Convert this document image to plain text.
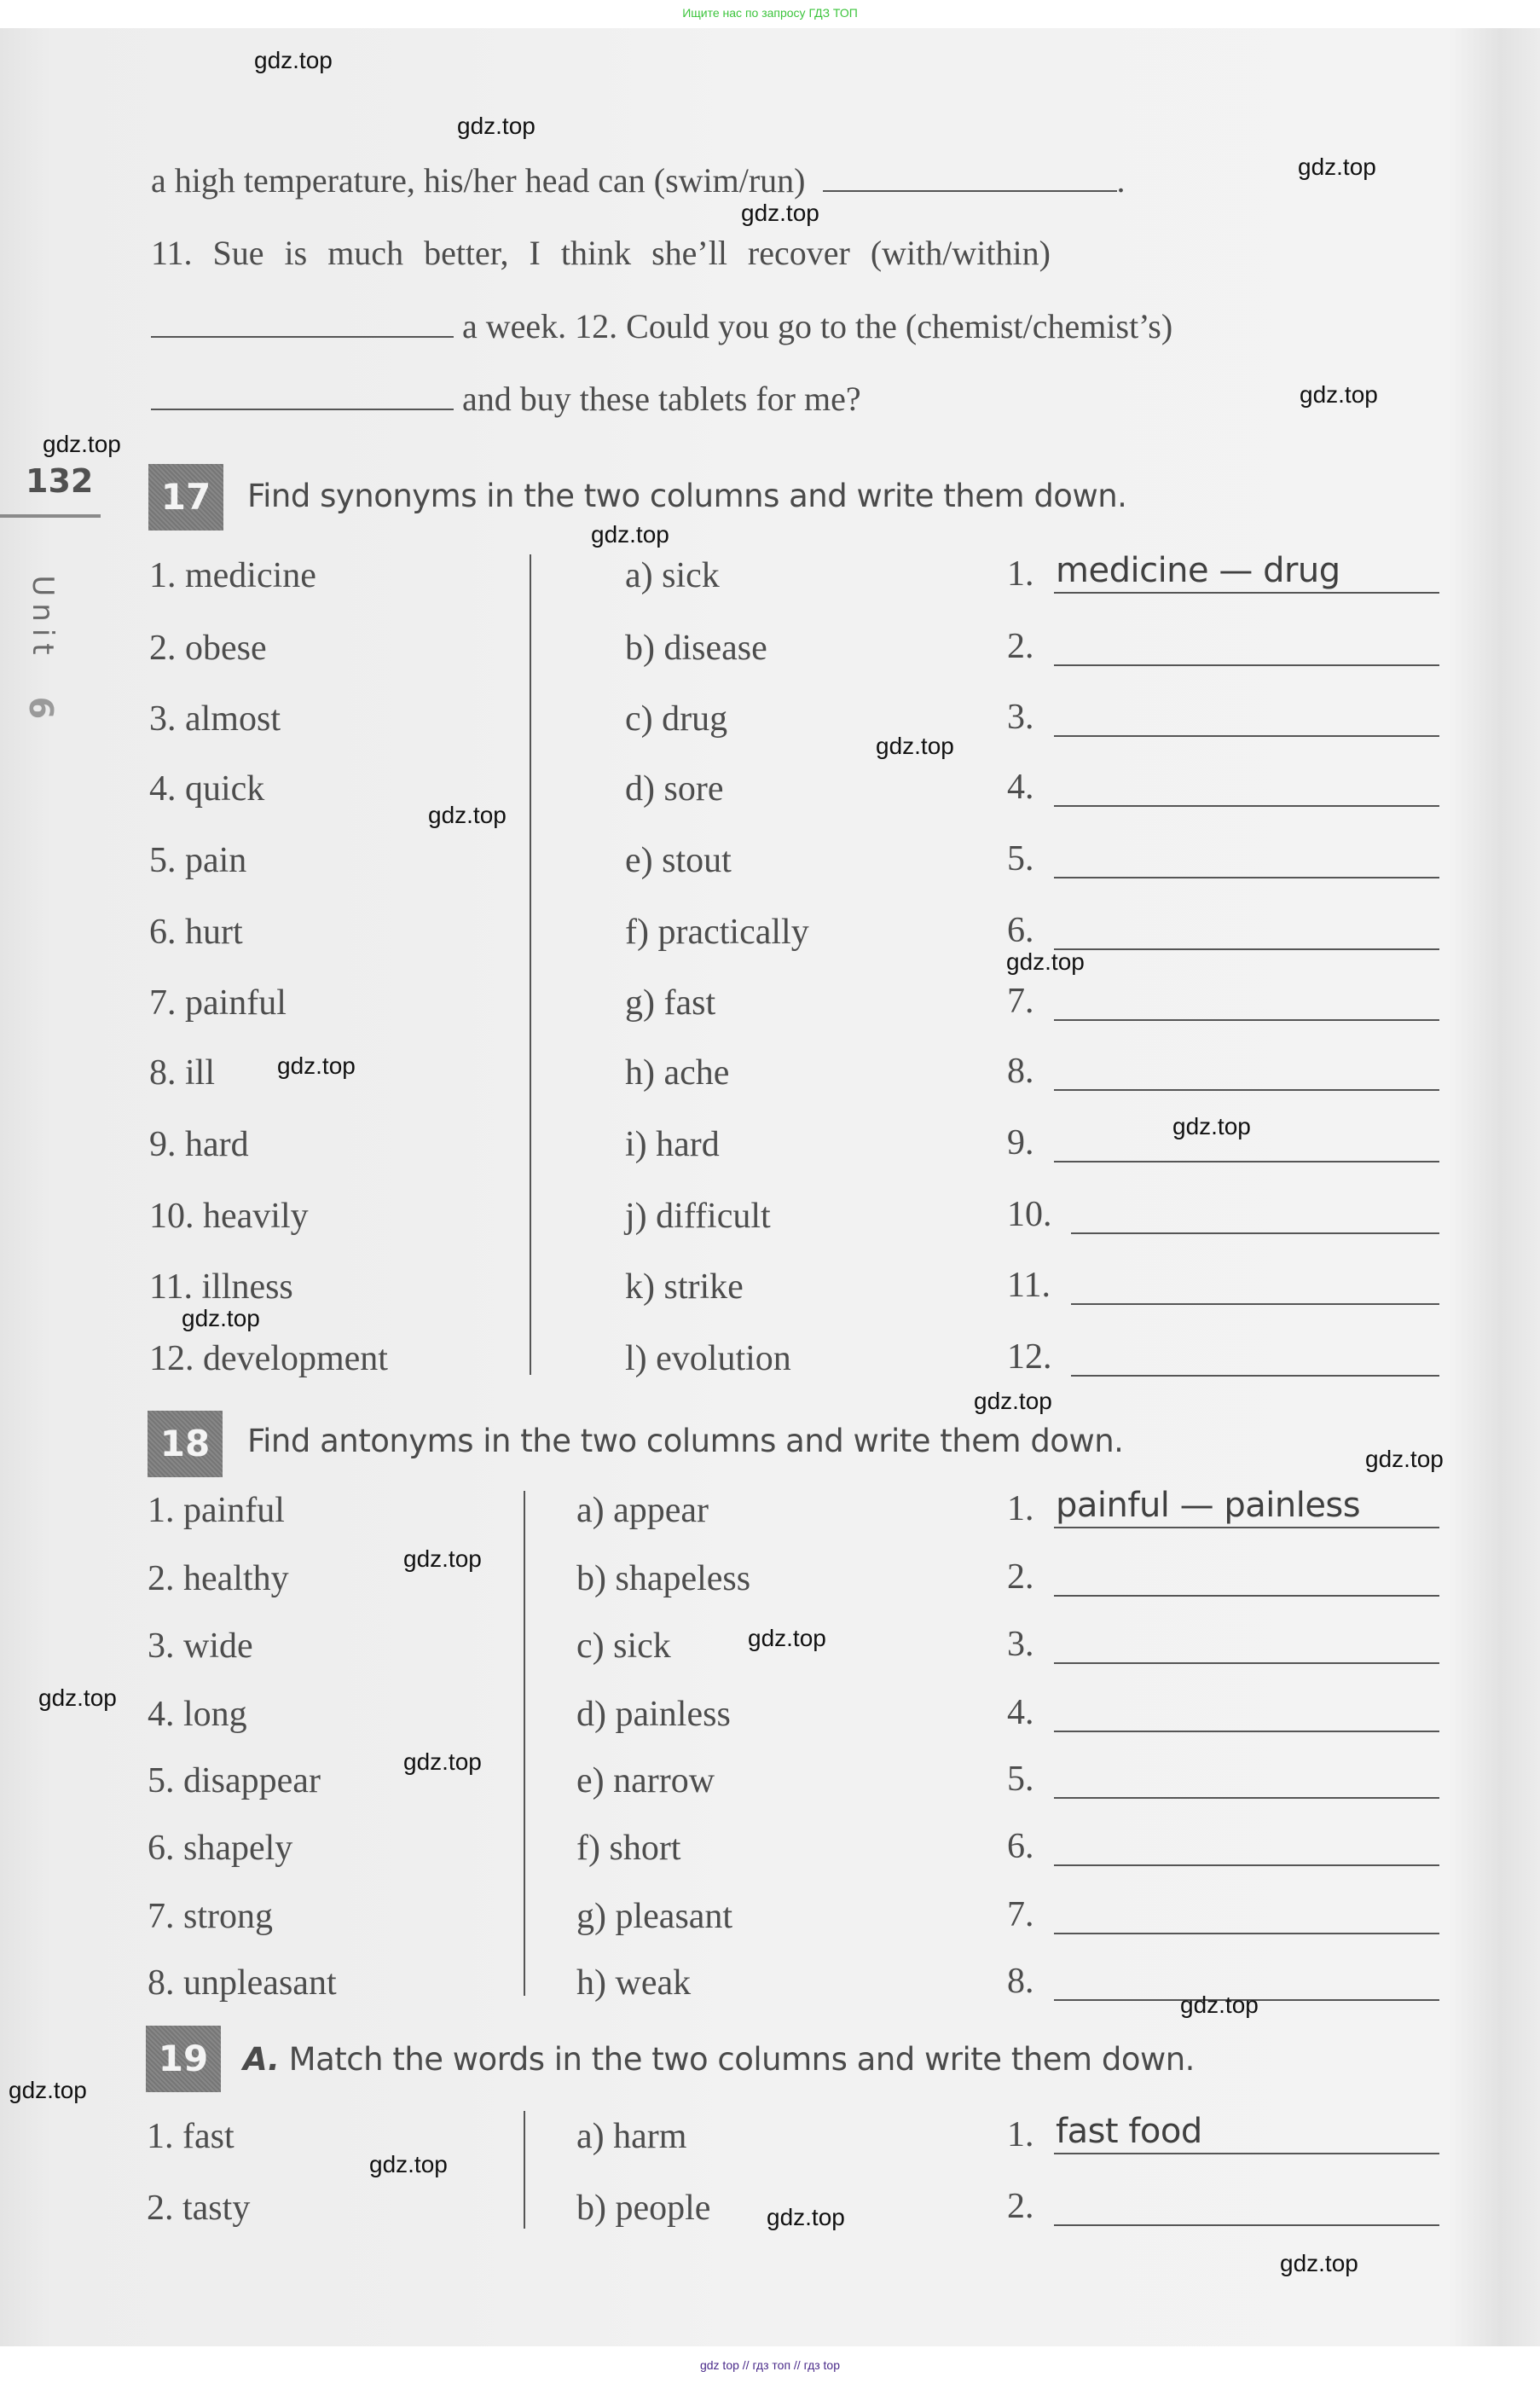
Ищите нас по запросу ГДЗ ТОП
a high temperature, his/her head can (swim/run)	.
11. Sue is much better, I think she’ll recover (with/within)
a week. 12. Could you go to the (chemist/chemist’s)
and buy these tablets for me?
132
Unit
6
17	Find synonyms in the two columns and write them down.
1. medicine	a) sick	1. medicine — drug
2. obese	b) disease	2.
3. almost	c) drug	3.
4. quick	d) sore	4.
5. pain	e) stout	5.
6. hurt	f) practically	6.
7. painful	g) fast	7.
8. ill	h) ache	8.
9. hard	i) hard	9.
10. heavily	j) difficult	10.
11. illness	k) strike	11.
12. development	l) evolution	12.
18	Find antonyms in the two columns and write them down.
1. painful	a) appear	1. painful — painless
2. healthy	b) shapeless	2.
3. wide	c) sick	3.
4. long	d) painless	4.
5. disappear	e) narrow	5.
6. shapely	f) short	6.
7. strong	g) pleasant	7.
8. unpleasant	h) weak	8.
19	A. Match the words in the two columns and write them down.
1. fast	a) harm	1. fast food
2. tasty	b) people	2.
gdz.top
gdz.top
gdz.top
gdz.top
gdz.top
gdz.top
gdz.top
gdz.top
gdz.top
gdz.top
gdz.top
gdz.top
gdz.top
gdz.top
gdz.top
gdz.top
gdz.top
gdz.top
gdz.top
gdz.top
gdz.top
gdz.top
gdz.top
gdz.top
gdz top // гдз топ // гдз top
